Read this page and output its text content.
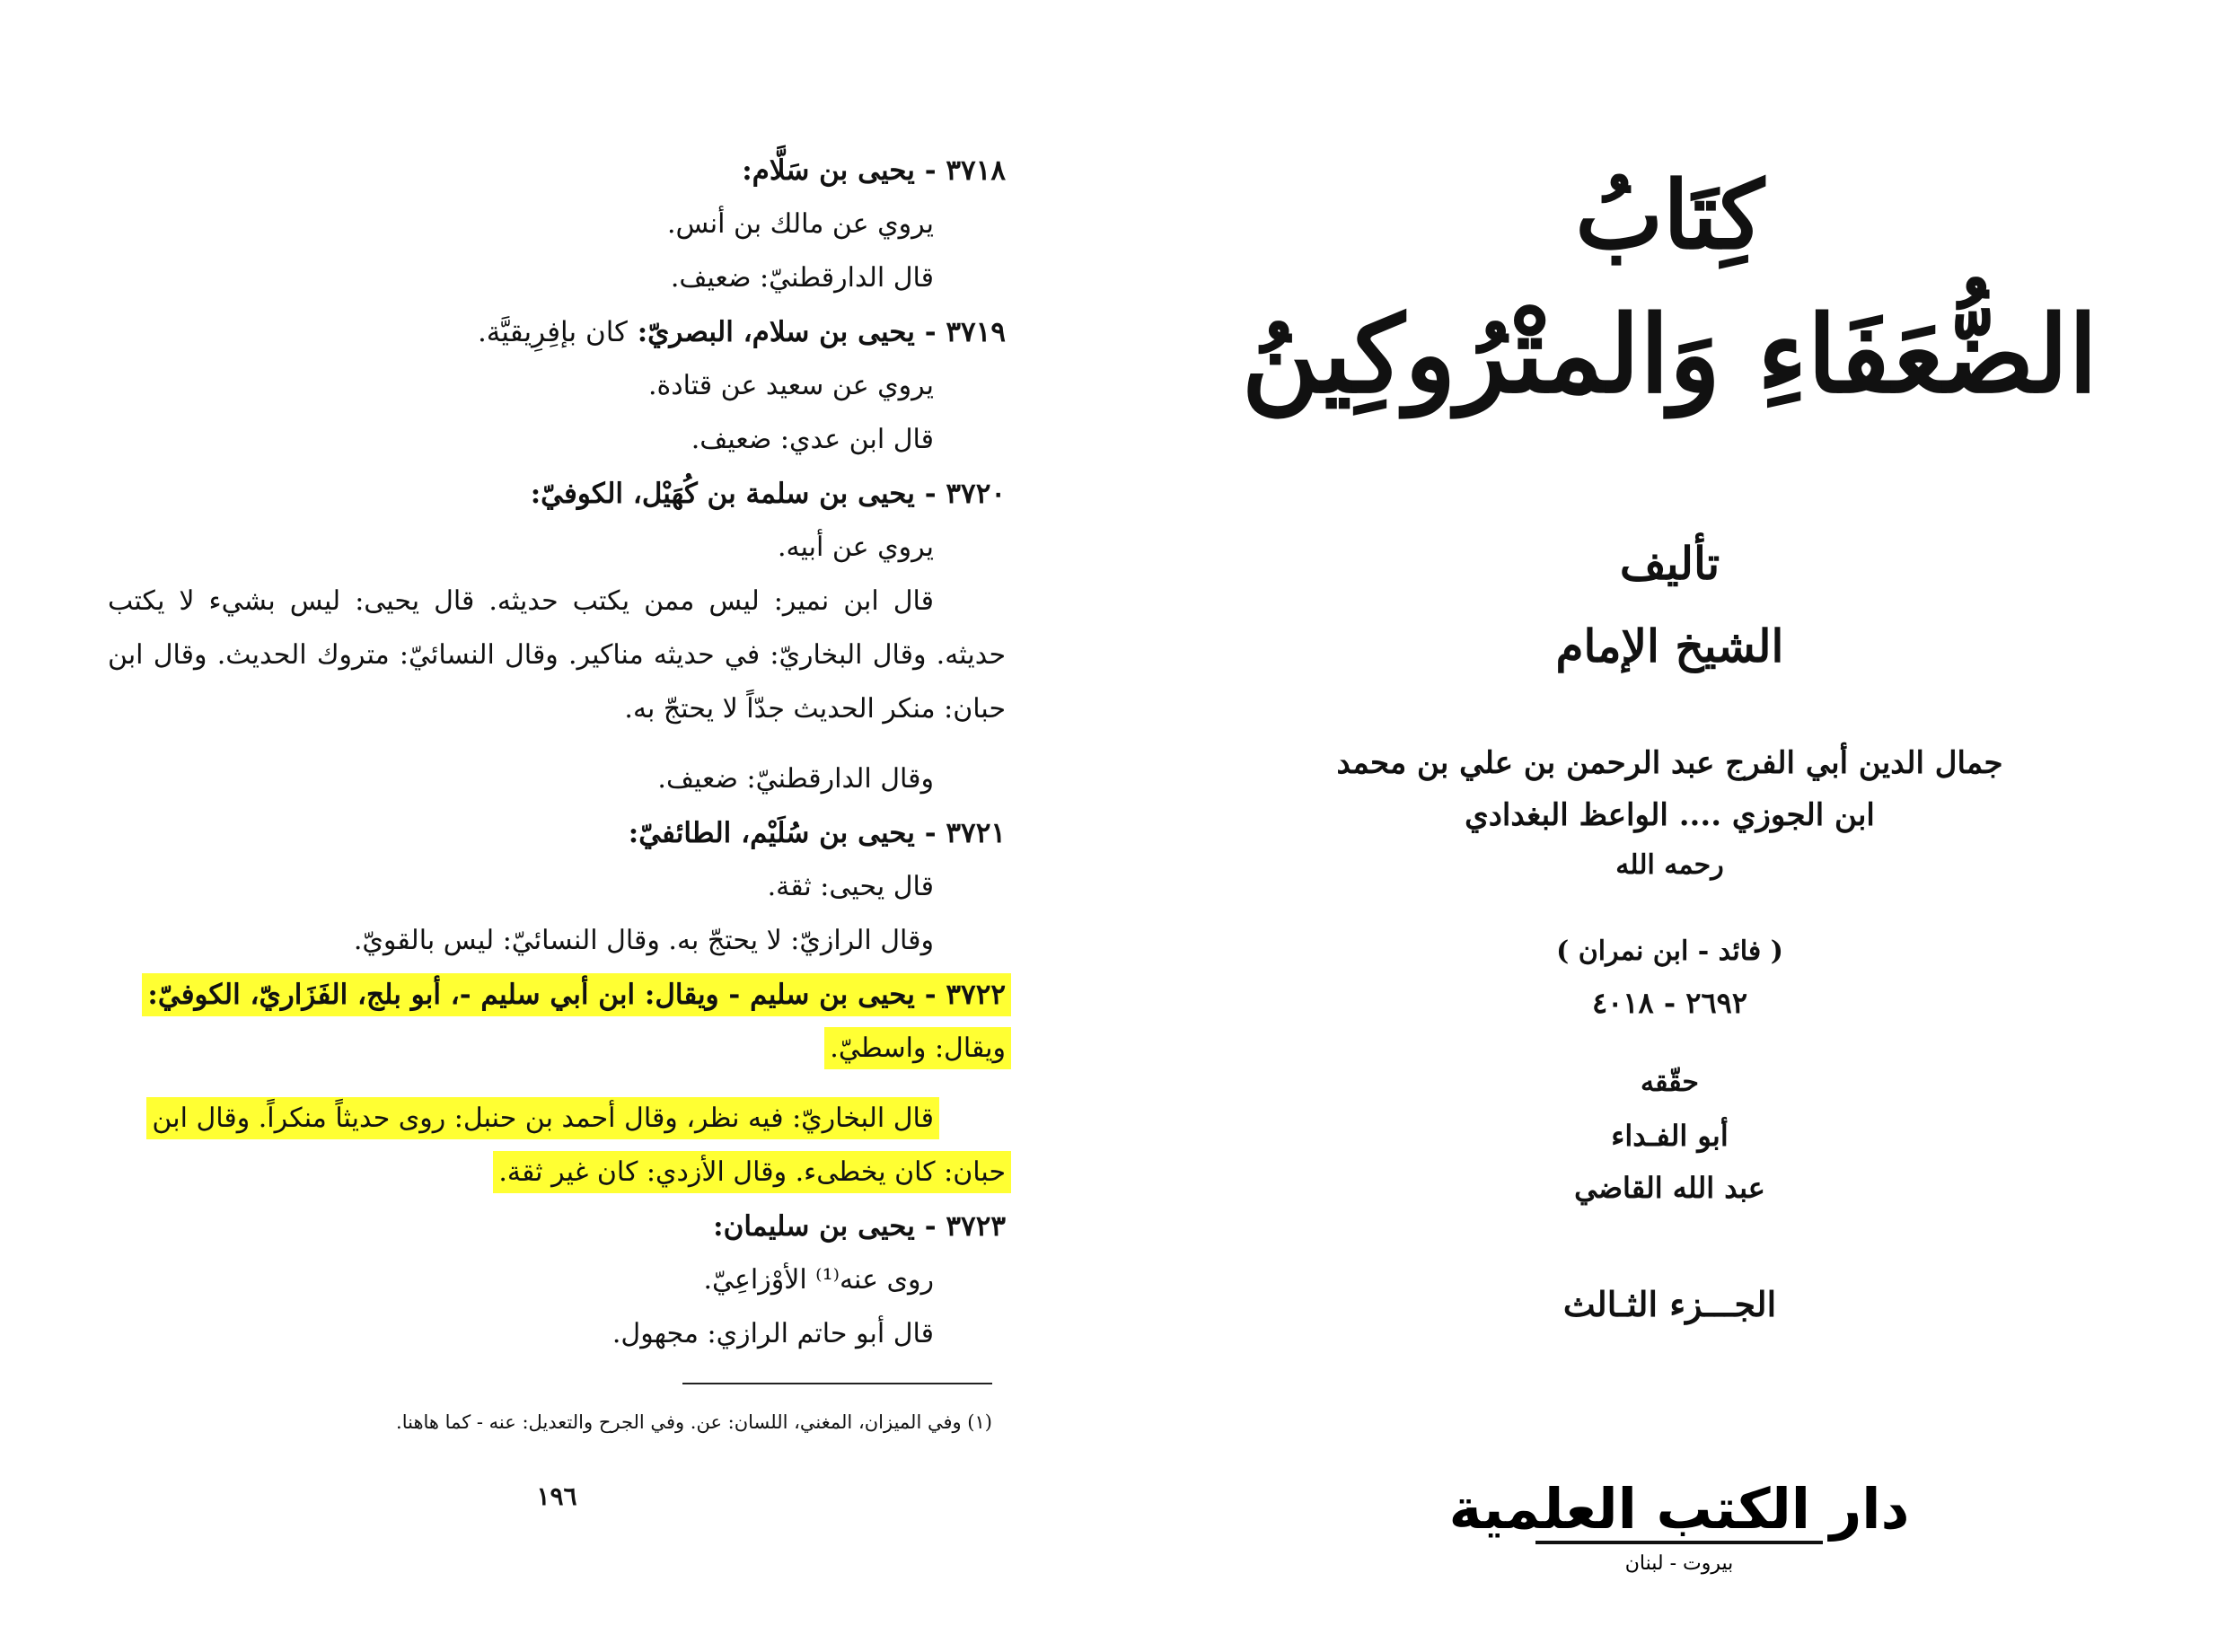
٣٧١٨ - يحيى بن سَلَّام:
يروي عن مالك بن أنس.
قال الدارقطنيّ: ضعيف.
٣٧١٩ - يحيى بن سلام، البصريّ: كان بإفِرِيقيَّة.
يروي عن سعيد عن قتادة.
قال ابن عدي: ضعيف.
٣٧٢٠ - يحيى بن سلمة بن كُهَيْل، الكوفيّ:
يروي عن أبيه.
قال ابن نمير: ليس ممن يكتب حديثه. قال يحيى: ليس بشيء لا يكتب
حديثه. وقال البخاريّ: في حديثه مناكير. وقال النسائيّ: متروك الحديث. وقال ابن
حبان: منكر الحديث جدّاً لا يحتجّ به.
وقال الدارقطنيّ: ضعيف.
٣٧٢١ - يحيى بن سُلَيْم، الطائفيّ:
قال يحيى: ثقة.
وقال الرازيّ: لا يحتجّ به. وقال النسائيّ: ليس بالقويّ.
٣٧٢٢ - يحيى بن سليم - ويقال: ابن أبي سليم -، أبو بلج، الفَزَاريّ، الكوفيّ:
ويقال: واسطيّ.
قال البخاريّ: فيه نظر، وقال أحمد بن حنبل: روى حديثاً منكراً. وقال ابن
حبان: كان يخطىء. وقال الأزدي: كان غير ثقة.
٣٧٢٣ - يحيى بن سليمان:
روى عنه⁽¹⁾ الأوْزاعِيّ.
قال أبو حاتم الرازي: مجهول.
(١) وفي الميزان، المغني، اللسان: عن. وفي الجرح والتعديل: عنه - كما هاهنا.
١٩٦
كِتَابُ
الضُّعَفَاءِ وَالمتْرُوكِينُ
تأليف
الشيخ الإمام
جمال الدين أبي الفرج عبد الرحمن بن علي بن محمد
ابن الجوزي .... الواعظ البغدادي
رحمه الله
( فائد - ابن نمران )
٢٦٩٢ - ٤٠١٨
حقّقه
أبو الفـداء
عبد الله القاضي
الجـــزء الثـالث
دار الكتب العلمية
بيروت - لبنان
